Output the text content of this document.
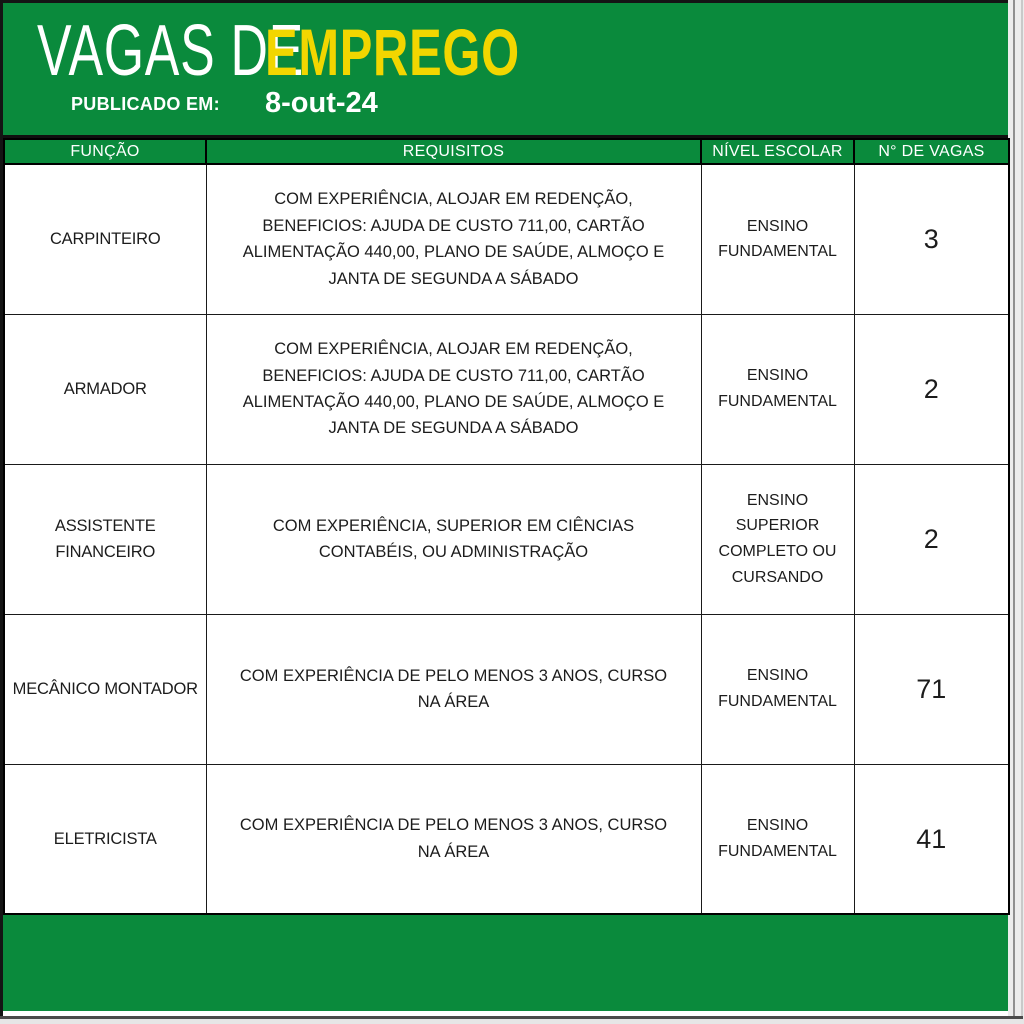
VAGAS DE
EMPREGO
PUBLICADO EM: 8-out-24
FUNÇÃO	REQUISITOS	NÍVEL ESCOLAR	N° DE VAGAS
CARPINTEIRO	COM EXPERIÊNCIA, ALOJAR EM REDENÇÃO, BENEFICIOS: AJUDA DE CUSTO 711,00, CARTÃO ALIMENTAÇÃO 440,00, PLANO DE SAÚDE, ALMOÇO E JANTA DE SEGUNDA A SÁBADO	ENSINO FUNDAMENTAL	3
ARMADOR	COM EXPERIÊNCIA, ALOJAR EM REDENÇÃO, BENEFICIOS: AJUDA DE CUSTO 711,00, CARTÃO ALIMENTAÇÃO 440,00, PLANO DE SAÚDE, ALMOÇO E JANTA DE SEGUNDA A SÁBADO	ENSINO FUNDAMENTAL	2
ASSISTENTE FINANCEIRO	COM EXPERIÊNCIA, SUPERIOR EM CIÊNCIAS CONTABÉIS, OU ADMINISTRAÇÃO	ENSINO SUPERIOR COMPLETO OU CURSANDO	2
MECÂNICO MONTADOR	COM EXPERIÊNCIA DE PELO MENOS 3 ANOS, CURSO NA ÁREA	ENSINO FUNDAMENTAL	71
ELETRICISTA	COM EXPERIÊNCIA DE PELO MENOS 3 ANOS, CURSO NA ÁREA	ENSINO FUNDAMENTAL	41
